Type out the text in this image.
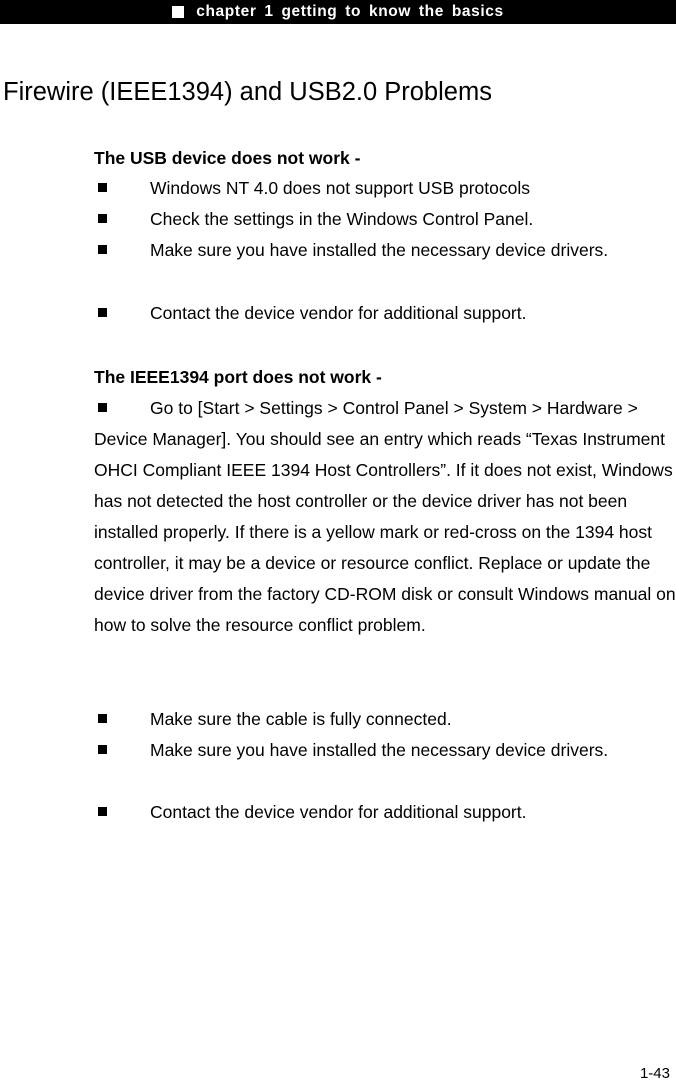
chapter 1 getting to know the basics
Firewire (IEEE1394) and USB2.0 Problems
The USB device does not work -

Windows NT 4.0 does not support USB protocols

Check the settings in the Windows Control Panel.

Make sure you have installed the necessary device drivers.

Contact the device vendor for additional support.

The IEEE1394 port does not work -

Go to [Start > Settings > Control Panel > System > Hardware > Device Manager]. You should see an entry which reads “Texas Instrument OHCI Compliant IEEE 1394 Host Controllers”. If it does not exist, Windows has not detected the host controller or the device driver has not been installed properly. If there is a yellow mark or red-cross on the 1394 host controller, it may be a device or resource conflict. Replace or update the device driver from the factory CD-ROM disk or consult Windows manual on how to solve the resource conflict problem.

Make sure the cable is fully connected.

Make sure you have installed the necessary device drivers.

Contact the device vendor for additional support.

1-43
